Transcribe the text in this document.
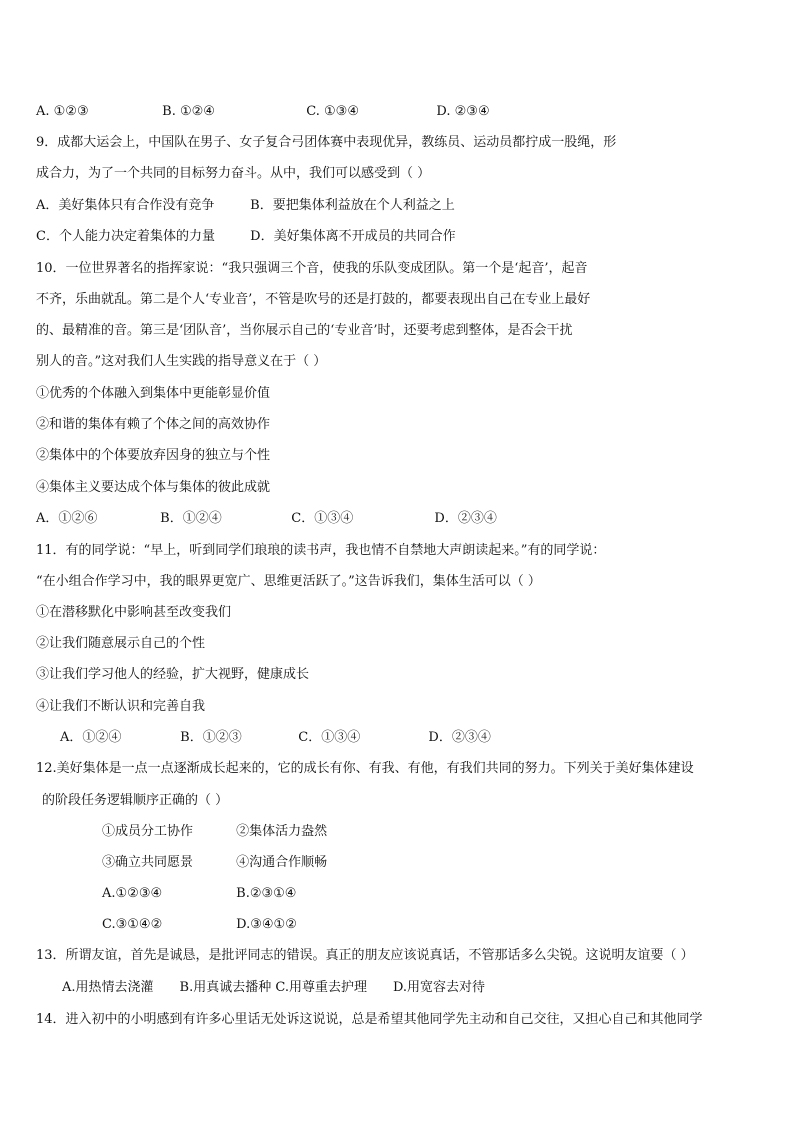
A. ①②③	B. ①②④	C. ①③④	D. ②③④
9．成都大运会上，中国队在男子、女子复合弓团体赛中表现优异，教练员、运动员都拧成一股绳，形
成合力，为了一个共同的目标努力奋斗。从中，我们可以感受到（ ）
A．美好集体只有合作没有竞争	B．要把集体利益放在个人利益之上
C．个人能力决定着集体的力量	D．美好集体离不开成员的共同合作
10．一位世界著名的指挥家说：“我只强调三个音，使我的乐队变成团队。第一个是‘起音’，起音
不齐，乐曲就乱。第二是个人‘专业音’，不管是吹号的还是打鼓的，都要表现出自己在专业上最好
的、最精准的音。第三是‘团队音’，当你展示自己的‘专业音’时，还要考虑到整体，是否会干扰
别人的音。”这对我们人生实践的指导意义在于（ ）
①优秀的个体融入到集体中更能彰显价值
②和谐的集体有赖了个体之间的高效协作
②集体中的个体要放弃因身的独立与个性
④集体主义要达成个体与集体的彼此成就
A．①②⑥	B．①②④	C．①③④	D．②③④
11．有的同学说：“早上，听到同学们琅琅的读书声，我也情不自禁地大声朗读起来。”有的同学说：
“在小组合作学习中，我的眼界更宽广、思维更活跃了。”这告诉我们，集体生活可以（ ）
①在潜移默化中影响甚至改变我们
②让我们随意展示自己的个性
③让我们学习他人的经验，扩大视野，健康成长
④让我们不断认识和完善自我
A．①②④	B．①②③	C．①③④	D．②③④
12.美好集体是一点一点逐渐成长起来的，它的成长有你、有我、有他，有我们共同的努力。下列关于美好集体建设
的阶段任务逻辑顺序正确的（ ）
①成员分工协作	②集体活力盎然
③确立共同愿景	④沟通合作顺畅
A.①②③④	B.②③①④
C.③①④②	D.③④①②
13．所谓友谊，首先是诚恳，是批评同志的错误。真正的朋友应该说真话，不管那话多么尖锐。这说明友谊要（ ）
A.用热情去浇灌　　B.用真诚去播种 C.用尊重去护理　　D.用宽容去对待
14．进入初中的小明感到有许多心里话无处诉这说说，总是希望其他同学先主动和自己交往，又担心自己和其他同学
